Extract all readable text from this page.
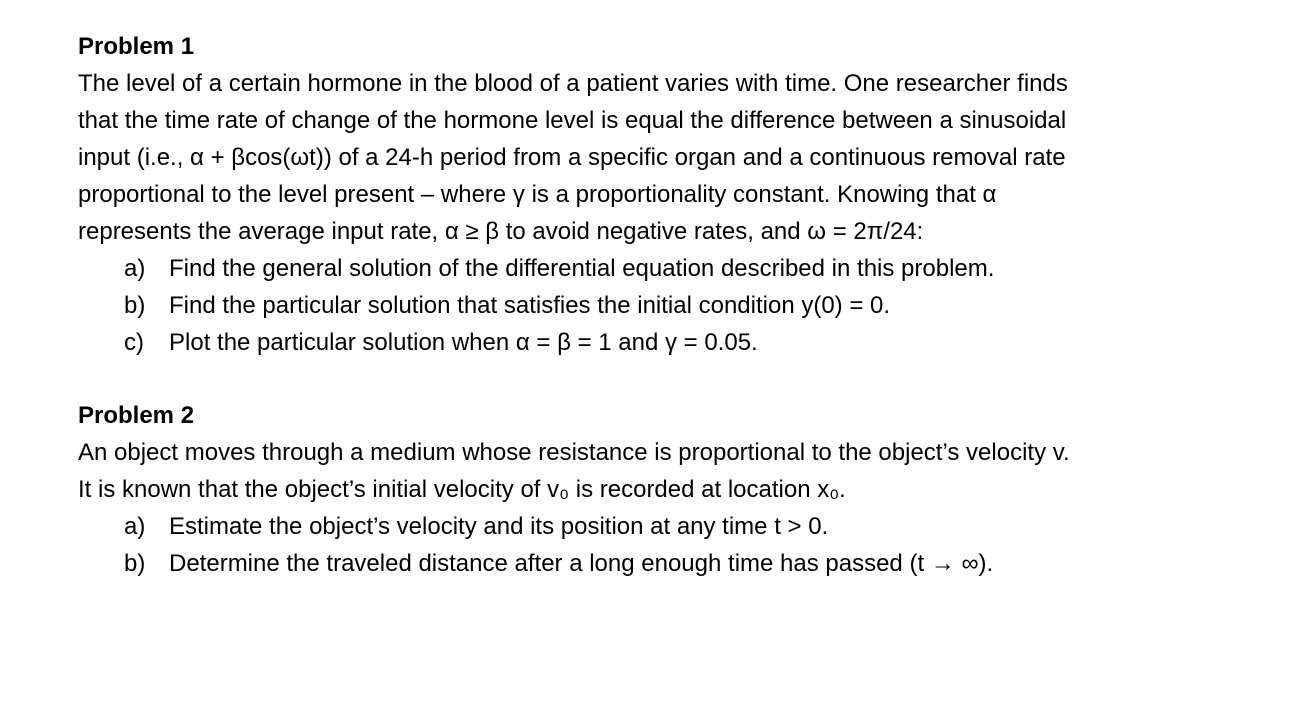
Problem 1
The level of a certain hormone in the blood of a patient varies with time. One researcher finds
that the time rate of change of the hormone level is equal the difference between a sinusoidal
input (i.e., α + βcos(ωt)) of a 24-h period from a specific organ and a continuous removal rate
proportional to the level present – where γ is a proportionality constant. Knowing that α
represents the average input rate, α ≥ β to avoid negative rates, and ω = 2π/24:
a) Find the general solution of the differential equation described in this problem.
b) Find the particular solution that satisfies the initial condition y(0) = 0.
c) Plot the particular solution when α = β = 1 and γ = 0.05.
Problem 2
An object moves through a medium whose resistance is proportional to the object’s velocity v.
It is known that the object’s initial velocity of v₀ is recorded at location x₀.
a) Estimate the object’s velocity and its position at any time t > 0.
b) Determine the traveled distance after a long enough time has passed (t → ∞).
